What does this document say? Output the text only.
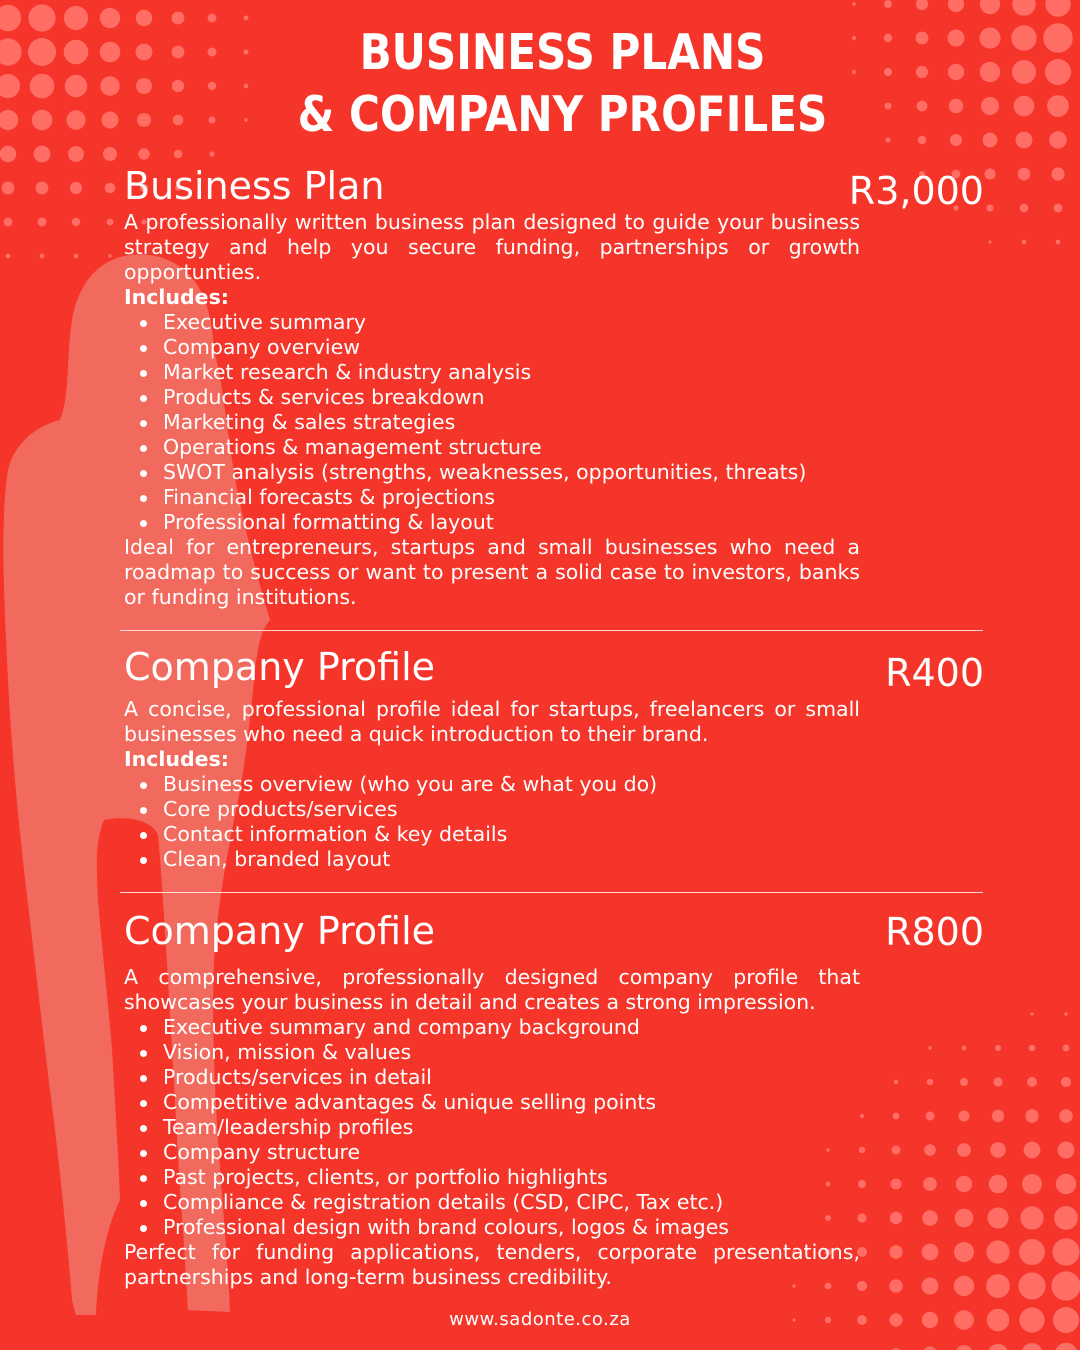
BUSINESS PLANS
& COMPANY PROFILES
Business Plan	R3,000

A professionally written business plan designed to guide your business strategy and help you secure funding, partnerships or growth opportunties.

Includes:

Executive summary
Company overview
Market research & industry analysis
Products & services breakdown
Marketing & sales strategies
Operations & management structure
SWOT analysis (strengths, weaknesses, opportunities, threats)
Financial forecasts & projections
Professional formatting & layout

Ideal for entrepreneurs, startups and small businesses who need a roadmap to success or want to present a solid case to investors, banks or funding institutions.

Company Profile	R400

A concise, professional profile ideal for startups, freelancers or small businesses who need a quick introduction to their brand.

Includes:

Business overview (who you are & what you do)
Core products/services
Contact information & key details
Clean, branded layout
Company Profile	R800

A comprehensive, professionally designed company profile that showcases your business in detail and creates a strong impression.

Executive summary and company background
Vision, mission & values
Products/services in detail
Competitive advantages & unique selling points
Team/leadership profiles
Company structure
Past projects, clients, or portfolio highlights
Compliance & registration details (CSD, CIPC, Tax etc.)
Professional design with brand colours, logos & images

Perfect for funding applications, tenders, corporate presentations, partnerships and long-term business credibility.

www.sadonte.co.za
